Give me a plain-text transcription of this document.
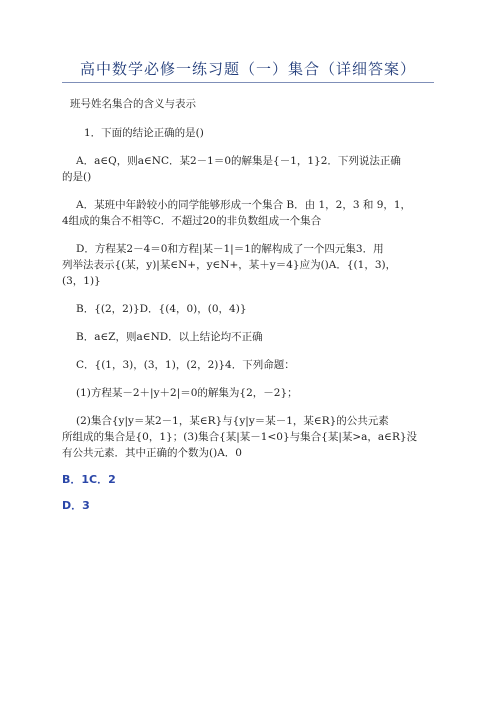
高中数学必修一练习题（一）集合（详细答案）
班号姓名集合的含义与表示
1．下面的结论正确的是()
A．a∈Q，则a∈NC．某2－1＝0的解集是{－1，1}2．下列说法正确
的是()
A．某班中年龄较小的同学能够形成一个集合 B．由 1，2，3 和 9，1，
4组成的集合不相等C．不超过20的非负数组成一个集合
D．方程某2－4＝0和方程|某－1|＝1的解构成了一个四元集3．用
列举法表示{(某，y)|某∈N+，y∈N+，某＋y＝4}应为()A．{(1，3)，
(3，1)}
B．{(2，2)}D．{(4，0)，(0，4)}
B．a∈Z，则a∈ND．以上结论均不正确
C．{(1，3)，(3，1)，(2，2)}4．下列命题：
(1)方程某－2＋|y＋2|＝0的解集为{2，－2}；
(2)集合{y|y＝某2－1，某∈R}与{y|y＝某－1，某∈R}的公共元素
所组成的集合是{0，1}；(3)集合{某|某－1<0}与集合{某|某>a，a∈R}没
有公共元素．其中正确的个数为()A．0
B．1C．2
D．3
